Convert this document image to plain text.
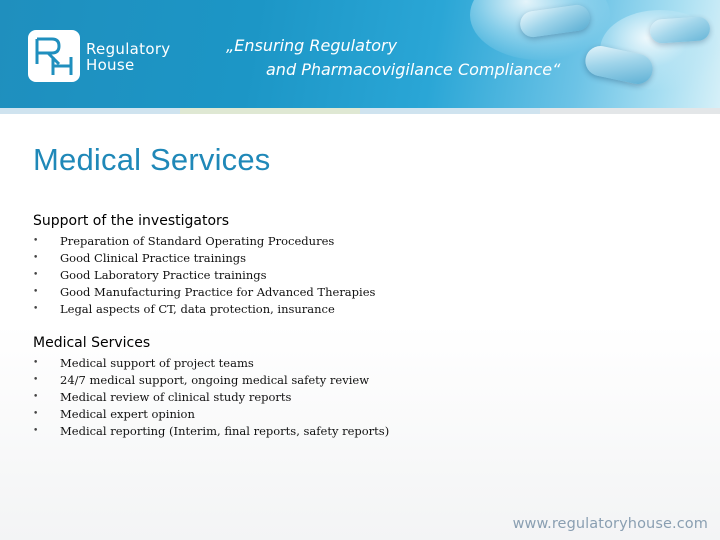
Regulatory
House
„Ensuring Regulatory
and Pharmacovigilance Compliance“
Medical Services
Support of the investigators
• Preparation of Standard Operating Procedures
• Good Clinical Practice trainings
• Good Laboratory Practice trainings
• Good Manufacturing Practice for Advanced Therapies
• Legal aspects of CT, data protection, insurance
Medical Services
• Medical support of project teams
• 24/7 medical support, ongoing medical safety review
• Medical review of clinical study reports
• Medical expert opinion
• Medical reporting (Interim, final reports, safety reports)
www.regulatoryhouse.com
